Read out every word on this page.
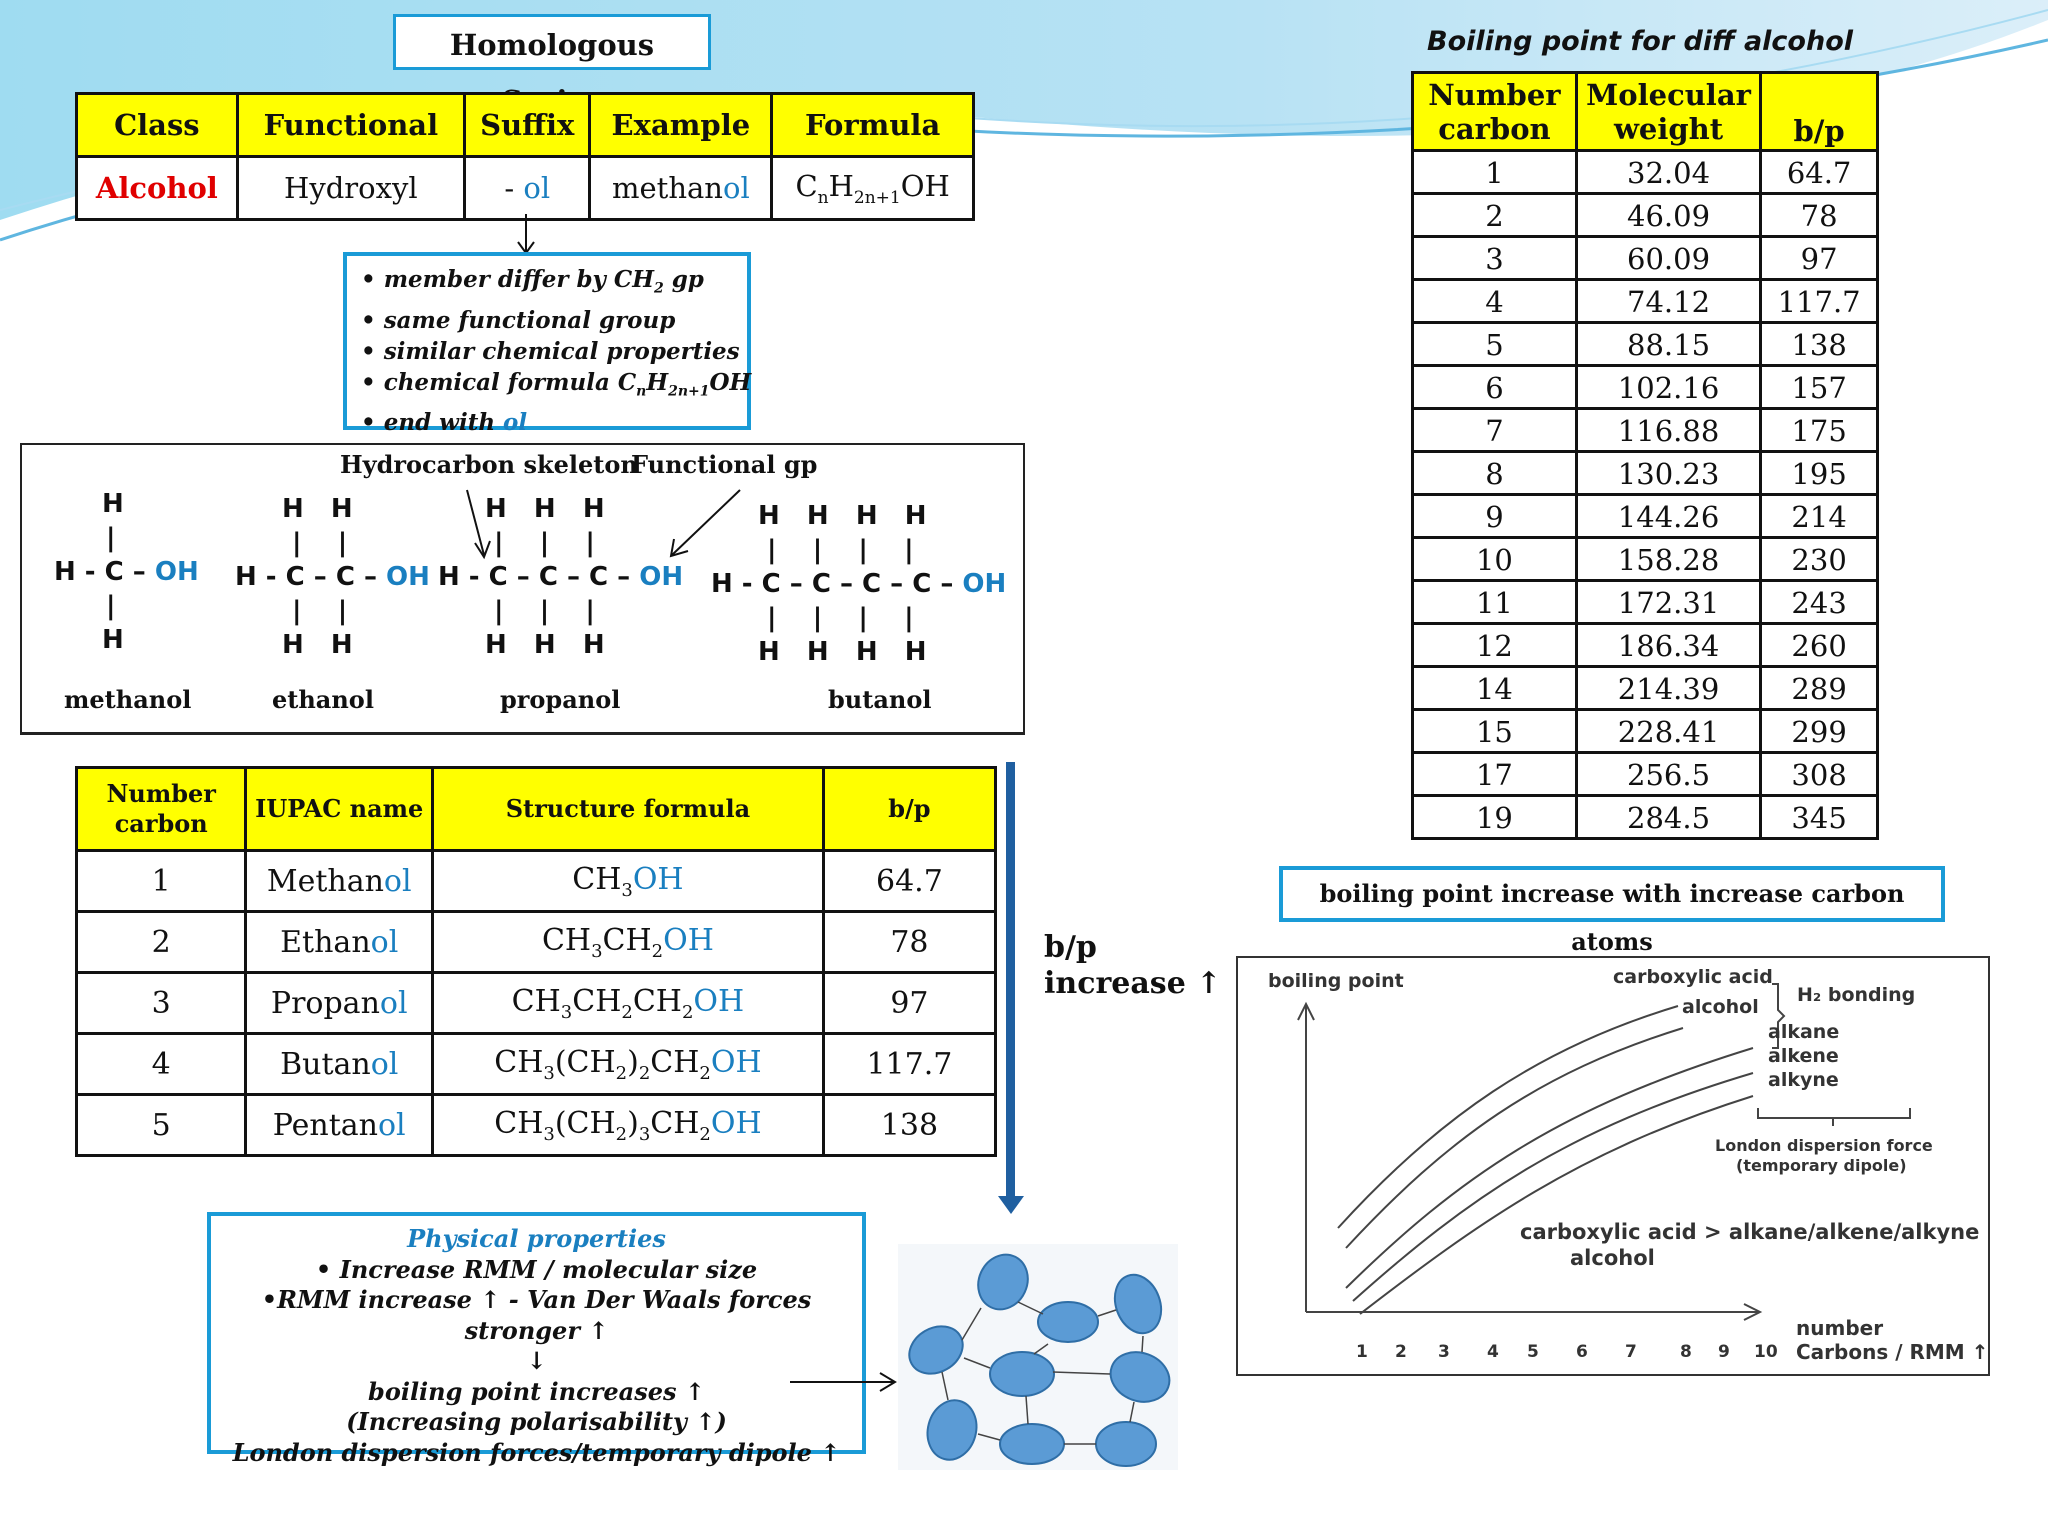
Homologous Series
Class	Functional	Suffix	Example	Formula
Alcohol	Hydroxyl	- ol	methanol	$C_nH_{2n+1}OH$
• member differ by $CH_2$ gp
• same functional group
• similar chemical properties
• chemical formula $C_nH_{2n+1}OH$
• end with ol
Hydrocarbon skeleton
Functional gp
H
|
H - C – OH
|
H
H   H
|    |
H - C – C – OH
|    |
H   H
H   H   H
|    |    |
H - C – C – C – OH
|    |    |
H   H   H
H   H   H   H
|    |    |    |
H - C – C – C – C – OH
|    |    |    |
H   H   H   H
methanol	ethanol	propanol	butanol
Number carbon	IUPAC name	Structure formula	b/p
1	Methanol	$CH_3OH$	64.7
2	Ethanol	$CH_3CH_2OH$	78
3	Propanol	$CH_3CH_2CH_2OH$	97
4	Butanol	$CH_3(CH_2)_2CH_2OH$	117.7
5	Pentanol	$CH_3(CH_2)_3CH_2OH$	138
b/p
increase ↑
Physical properties
• Increase RMM / molecular size
•RMM increase ↑ - Van Der Waals forces stronger ↑
↓
boiling point increases ↑
(Increasing polarisability ↑)
London dispersion forces/temporary dipole ↑
Boiling point for diff alcohol
Number carbon	Molecular weight	b/p
1	32.04	64.7
2	46.09	78
3	60.09	97
4	74.12	117.7
5	88.15	138
6	102.16	157
7	116.88	175
8	130.23	195
9	144.26	214
10	158.28	230
11	172.31	243
12	186.34	260
14	214.39	289
15	228.41	299
17	256.5	308
19	284.5	345
boiling point increase with increase carbon atoms
boiling point	carboxylic acid
alcohol
H₂ bonding
alkane
alkene
alkyne
London dispersion force
(temporary dipole)
carboxylic acid > alkane/alkene/alkyne
alcohol
number
Carbons / RMM ↑
1 2 3 4 5 6 7	8 9 10
